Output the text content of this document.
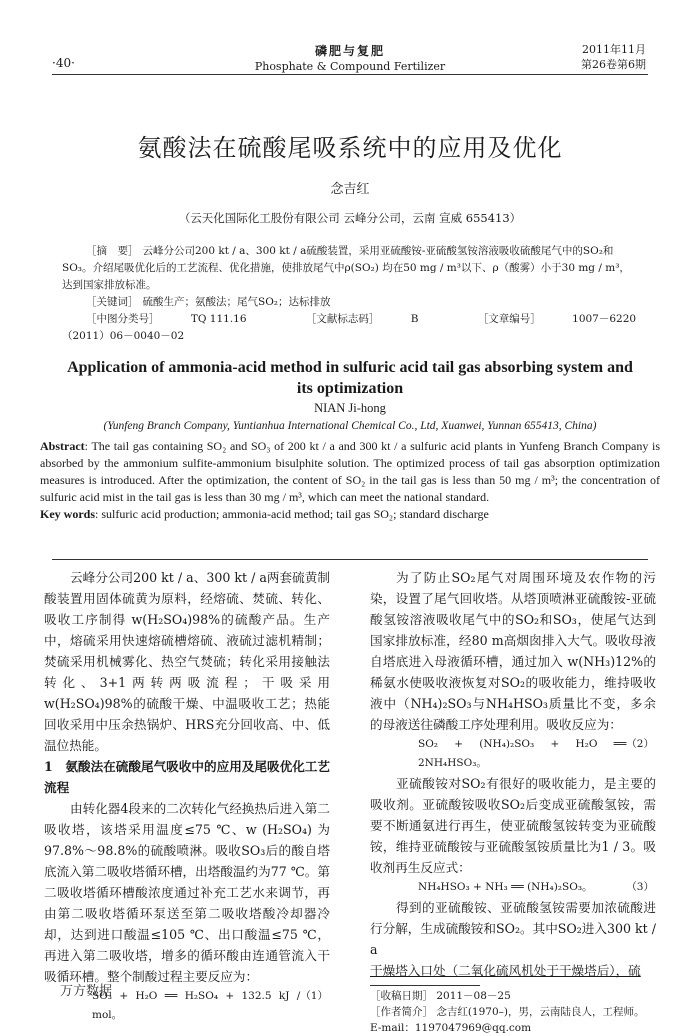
·40·
磷肥与复肥
Phosphate & Compound Fertilizer
2011年11月
第26卷第6期
氨酸法在硫酸尾吸系统中的应用及优化
念吉红
（云天化国际化工股份有限公司 云峰分公司，云南 宣威 655413）

［摘　要］ 云峰分公司200 kt / a、300 kt / a硫酸装置，采用亚硫酸铵-亚硫酸氢铵溶液吸收硫酸尾气中的SO₂和

SO₃。介绍尾吸优化后的工艺流程、优化措施，使排放尾气中ρ(SO₂) 均在50 mg / m³以下、ρ（酸雾）小于30 mg / m³，

达到国家排放标准。

［关键词］ 硫酸生产；氨酸法；尾气SO₂；达标排放

［中图分类号］	TQ 111.16	［文献标志码］	B	［文章编号］	1007－6220（2011）06－0040－02

Application of ammonia-acid method in sulfuric acid tail gas absorbing system and
its optimization
NIAN Ji-hong
(Yunfeng Branch Company, Yuntianhua International Chemical Co., Ltd, Xuanwei, Yunnan 655413, China)

Abstract: The tail gas containing SO₂ and SO₃ of 200 kt / a and 300 kt / a sulfuric acid plants in Yunfeng Branch Company is absorbed by the ammonium sulfite-ammonium bisulphite solution. The optimized process of tail gas absorption optimization measures is introduced. After the optimization, the content of SO₂ in the tail gas is less than 50 mg / m³; the concentration of sulfuric acid mist in the tail gas is less than 30 mg / m³, which can meet the national standard.

Key words: sulfuric acid production; ammonia-acid method; tail gas SO₂; standard discharge

云峰分公司200 kt / a、300 kt / a两套硫黄制酸装置用固体硫黄为原料，经熔硫、焚硫、转化、吸收工序制得 w(H₂SO₄)98%的硫酸产品。生产中，熔硫采用快速熔硫槽熔硫、液硫过滤机精制；焚硫采用机械雾化、热空气焚硫；转化采用接触法转化、3+1两转两吸流程；干吸采用w(H₂SO₄)98%的硫酸干燥、中温吸收工艺；热能回收采用中压余热锅炉、HRS充分回收高、中、低温位热能。

1　氨酸法在硫酸尾气吸收中的应用及尾吸优化工艺流程

由转化器4段来的二次转化气经换热后进入第二吸收塔，该塔采用温度≤75 ℃、w (H₂SO₄) 为97.8%～98.8%的硫酸喷淋。吸收SO₃后的酸自塔底流入第二吸收塔循环槽，出塔酸温约为77 ℃。第二吸收塔循环槽酸浓度通过补充工艺水来调节，再由第二吸收塔循环泵送至第二吸收塔酸冷却器冷却，达到进口酸温≤105 ℃、出口酸温≤75 ℃，再进入第二吸收塔，增多的循环酸由连通管流入干吸循环槽。整个制酸过程主要反应为：

SO₃ + H₂O ══ H₂SO₄ + 132.5 kJ / mol。
（1）

为了防止SO₂尾气对周围环境及农作物的污染，设置了尾气回收塔。从塔顶喷淋亚硫酸铵-亚硫酸氢铵溶液吸收尾气中的SO₂和SO₃，使尾气达到国家排放标准，经80 m高烟囱排入大气。吸收母液自塔底进入母液循环槽，通过加入 w(NH₃)12%的稀氨水使吸收液恢复对SO₂的吸收能力，维持吸收液中（NH₄)₂SO₃与NH₄HSO₃质量比不变，多余的母液送往磷酸工序处理利用。吸收反应为：

SO₂ + (NH₄)₂SO₃ + H₂O ══ 2NH₄HSO₃。
（2）

亚硫酸铵对SO₂有很好的吸收能力，是主要的吸收剂。亚硫酸铵吸收SO₂后变成亚硫酸氢铵，需要不断通氨进行再生，使亚硫酸氢铵转变为亚硫酸铵，维持亚硫酸铵与亚硫酸氢铵质量比为1 / 3。吸收剂再生反应式：

NH₄HSO₃ + NH₃ ══ (NH₄)₂SO₃。	（3）

得到的亚硫酸铵、亚硫酸氢铵需要加浓硫酸进行分解，生成硫酸铵和SO₂。其中SO₂进入300 kt / a

干燥塔入口处（二氧化硫风机处于干燥塔后），硫

［收稿日期］ 2011－08－25
［作者简介］ 念吉红(1970–)，男，云南陆良人，工程师。
E-mail：1197047969@qq.com
万方数据
